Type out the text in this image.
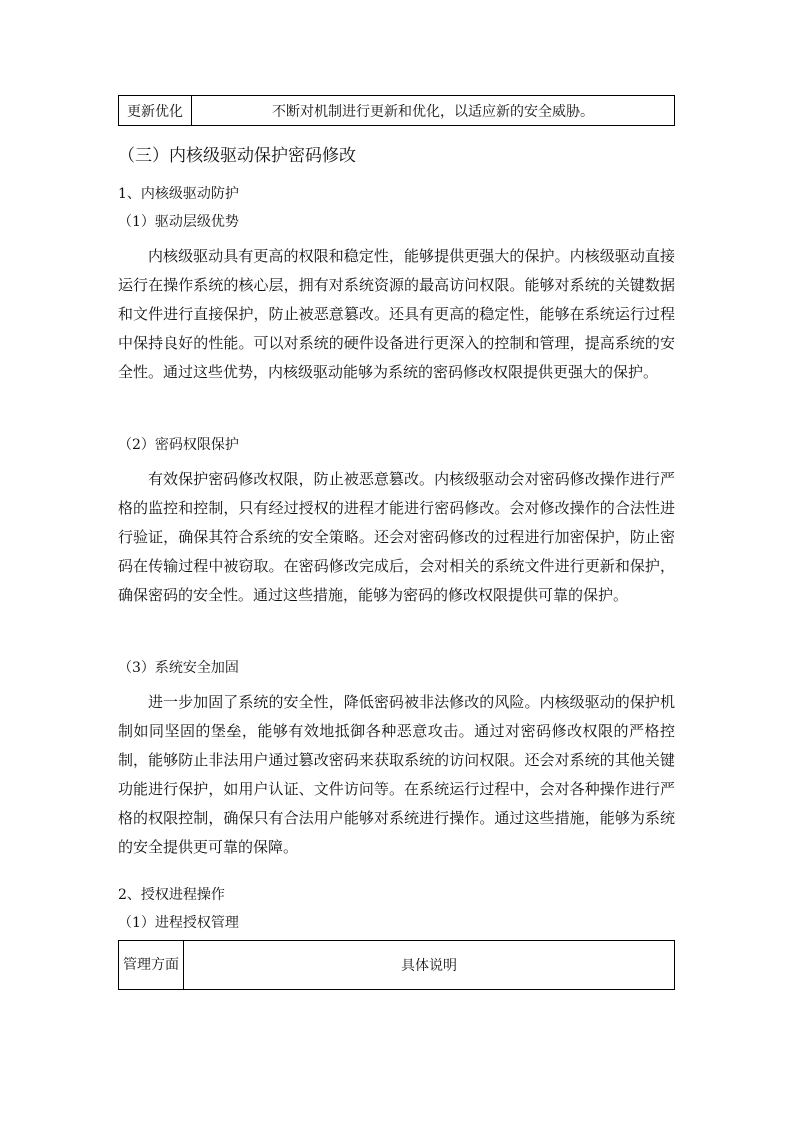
更新优化	不断对机制进行更新和优化，以适应新的安全威胁。
（三）内核级驱动保护密码修改
1、内核级驱动防护
（1）驱动层级优势

内核级驱动具有更高的权限和稳定性，能够提供更强大的保护。内核级驱动直接运行在操作系统的核心层，拥有对系统资源的最高访问权限。能够对系统的关键数据和文件进行直接保护，防止被恶意篡改。还具有更高的稳定性，能够在系统运行过程中保持良好的性能。可以对系统的硬件设备进行更深入的控制和管理，提高系统的安全性。通过这些优势，内核级驱动能够为系统的密码修改权限提供更强大的保护。

（2）密码权限保护

有效保护密码修改权限，防止被恶意篡改。内核级驱动会对密码修改操作进行严格的监控和控制，只有经过授权的进程才能进行密码修改。会对修改操作的合法性进行验证，确保其符合系统的安全策略。还会对密码修改的过程进行加密保护，防止密码在传输过程中被窃取。在密码修改完成后，会对相关的系统文件进行更新和保护，确保密码的安全性。通过这些措施，能够为密码的修改权限提供可靠的保护。

（3）系统安全加固

进一步加固了系统的安全性，降低密码被非法修改的风险。内核级驱动的保护机制如同坚固的堡垒，能够有效地抵御各种恶意攻击。通过对密码修改权限的严格控制，能够防止非法用户通过篡改密码来获取系统的访问权限。还会对系统的其他关键功能进行保护，如用户认证、文件访问等。在系统运行过程中，会对各种操作进行严格的权限控制，确保只有合法用户能够对系统进行操作。通过这些措施，能够为系统的安全提供更可靠的保障。

2、授权进程操作
（1）进程授权管理
管理方面	具体说明
